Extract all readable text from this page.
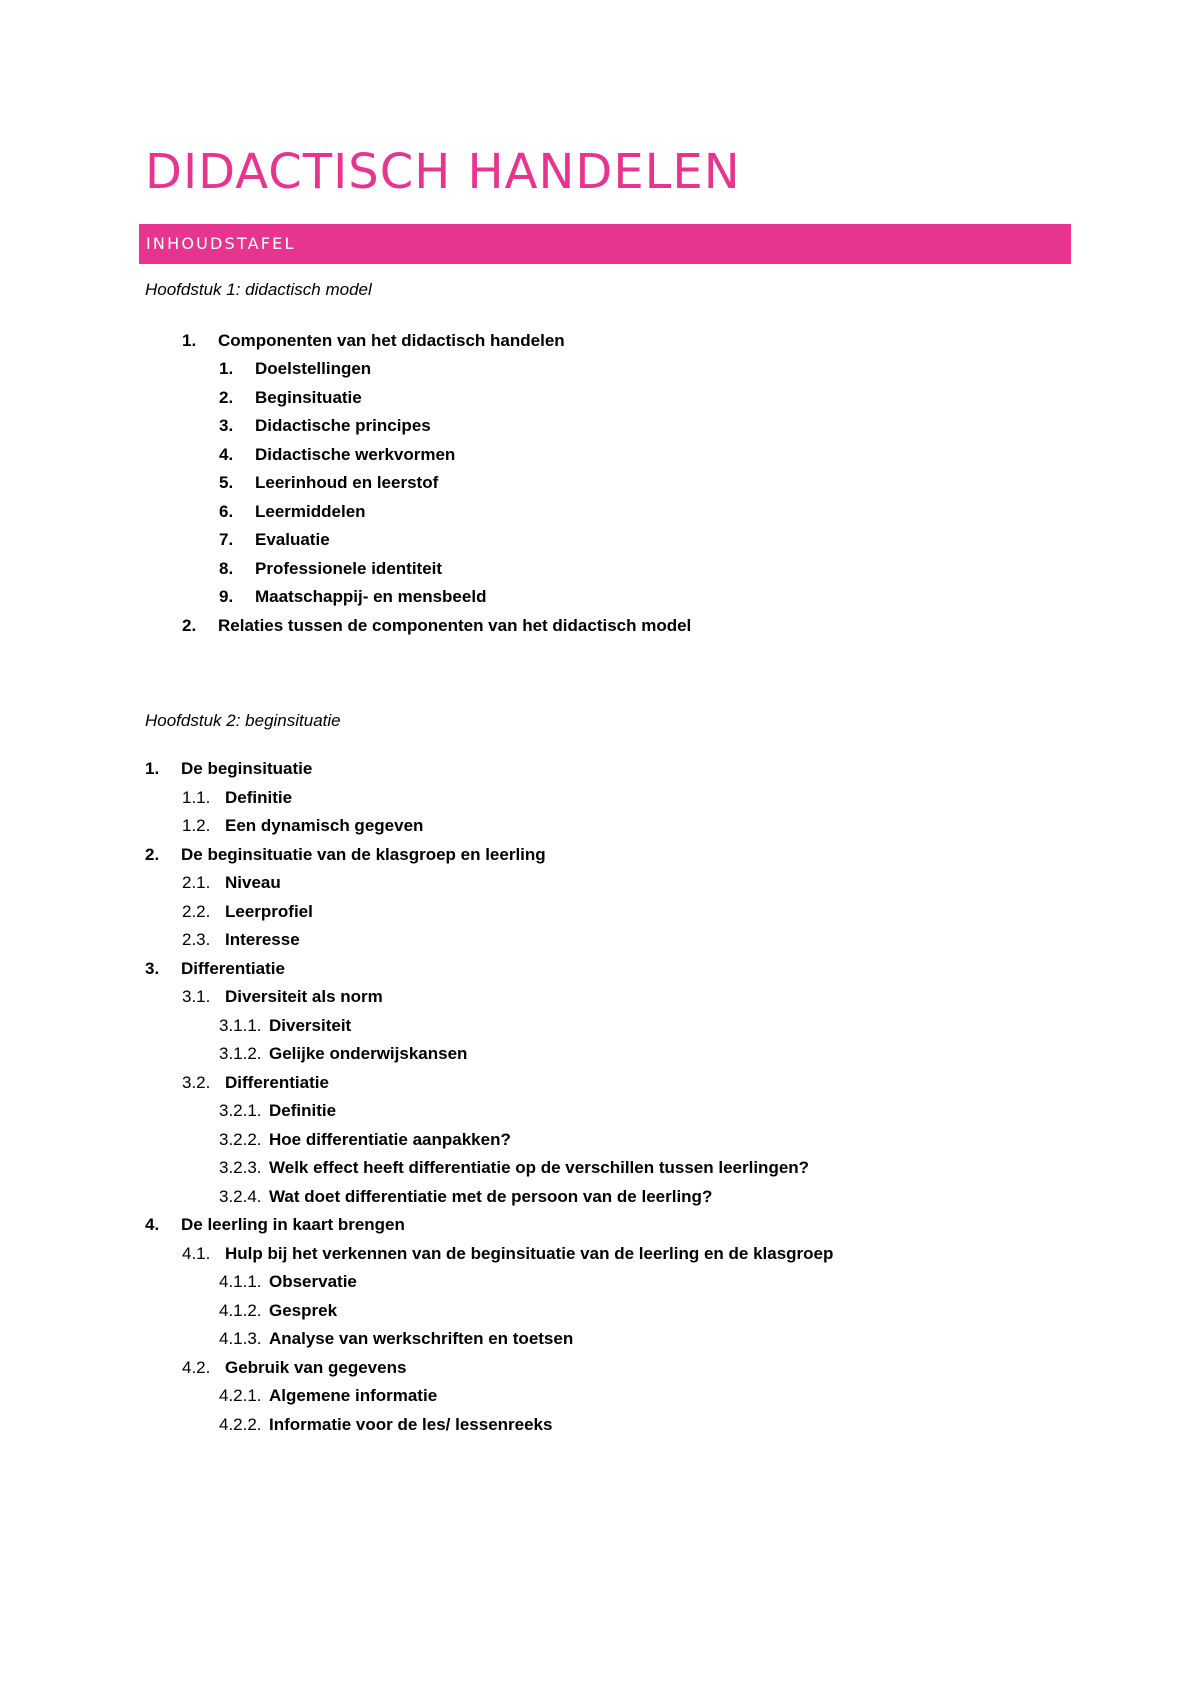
DIDACTISCH HANDELEN
INHOUDSTAFEL
Hoofdstuk 1: didactisch model
1. Componenten van het didactisch handelen
1. Doelstellingen
2. Beginsituatie
3. Didactische principes
4. Didactische werkvormen
5. Leerinhoud en leerstof
6. Leermiddelen
7. Evaluatie
8. Professionele identiteit
9. Maatschappij- en mensbeeld
2. Relaties tussen de componenten van het didactisch model
Hoofdstuk 2: beginsituatie
1. De beginsituatie
1.1. Definitie
1.2. Een dynamisch gegeven
2. De beginsituatie van de klasgroep en leerling
2.1. Niveau
2.2. Leerprofiel
2.3. Interesse
3. Differentiatie
3.1. Diversiteit als norm
3.1.1. Diversiteit
3.1.2. Gelijke onderwijskansen
3.2. Differentiatie
3.2.1. Definitie
3.2.2. Hoe differentiatie aanpakken?
3.2.3. Welk effect heeft differentiatie op de verschillen tussen leerlingen?
3.2.4. Wat doet differentiatie met de persoon van de leerling?
4. De leerling in kaart brengen
4.1. Hulp bij het verkennen van de beginsituatie van de leerling en de klasgroep
4.1.1. Observatie
4.1.2. Gesprek
4.1.3. Analyse van werkschriften en toetsen
4.2. Gebruik van gegevens
4.2.1. Algemene informatie
4.2.2. Informatie voor de les/ lessenreeks
